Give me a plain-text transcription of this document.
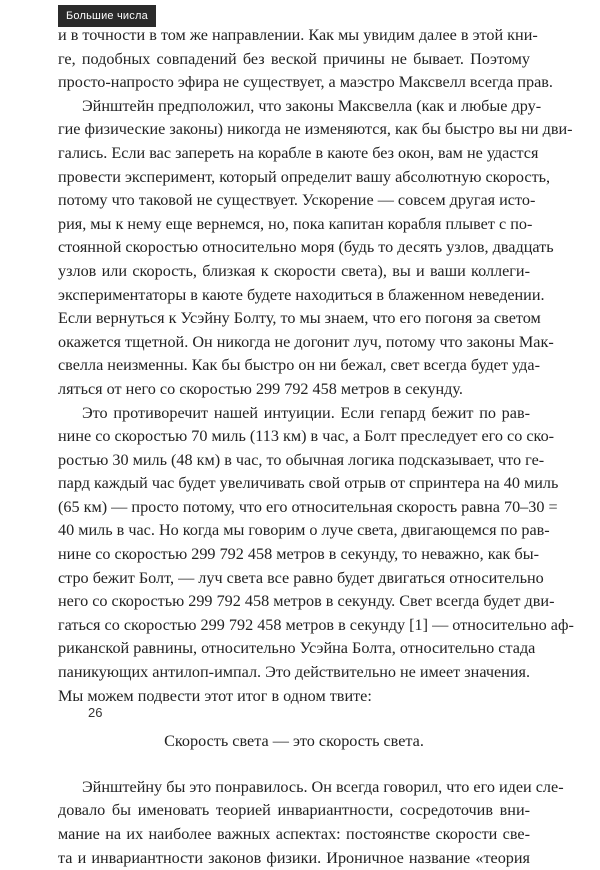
Большие числа
и в точности в том же направлении. Как мы увидим далее в этой кни-
ге, подобных совпадений без веской причины не бывает. Поэтому
просто-напросто эфира не существует, а маэстро Максвелл всегда прав.
Эйнштейн предположил, что законы Максвелла (как и любые дру-
гие физические законы) никогда не изменяются, как бы быстро вы ни дви-
гались. Если вас запереть на корабле в каюте без окон, вам не удастся
провести эксперимент, который определит вашу абсолютную скорость,
потому что таковой не существует. Ускорение — совсем другая исто-
рия, мы к нему еще вернемся, но, пока капитан корабля плывет с по-
стоянной скоростью относительно моря (будь то десять узлов, двадцать
узлов или скорость, близкая к скорости света), вы и ваши коллеги-
экспериментаторы в каюте будете находиться в блаженном неведении.
Если вернуться к Усэйну Болту, то мы знаем, что его погоня за светом
окажется тщетной. Он никогда не догонит луч, потому что законы Мак-
свелла неизменны. Как бы быстро он ни бежал, свет всегда будет уда-
ляться от него со скоростью 299 792 458 метров в секунду.
Это противоречит нашей интуиции. Если гепард бежит по рав-
нине со скоростью 70 миль (113 км) в час, а Болт преследует его со ско-
ростью 30 миль (48 км) в час, то обычная логика подсказывает, что ге-
пард каждый час будет увеличивать свой отрыв от спринтера на 40 миль
(65 км) — просто потому, что его относительная скорость равна 70–30 =
40 миль в час. Но когда мы говорим о луче света, двигающемся по рав-
нине со скоростью 299 792 458 метров в секунду, то неважно, как бы-
стро бежит Болт, — луч света все равно будет двигаться относительно
него со скоростью 299 792 458 метров в секунду. Свет всегда будет дви-
гаться со скоростью 299 792 458 метров в секунду [1] — относительно аф-
риканской равнины, относительно Усэйна Болта, относительно стада
паникующих антилоп-импал. Это действительно не имеет значения.
Мы можем подвести этот итог в одном твите:
Скорость света — это скорость света.
Эйнштейну бы это понравилось. Он всегда говорил, что его идеи сле-
довало бы именовать теорией инвариантности, сосредоточив вни-
мание на их наиболее важных аспектах: постоянстве скорости све-
та и инвариантности законов физики. Ироничное название «теория
26
